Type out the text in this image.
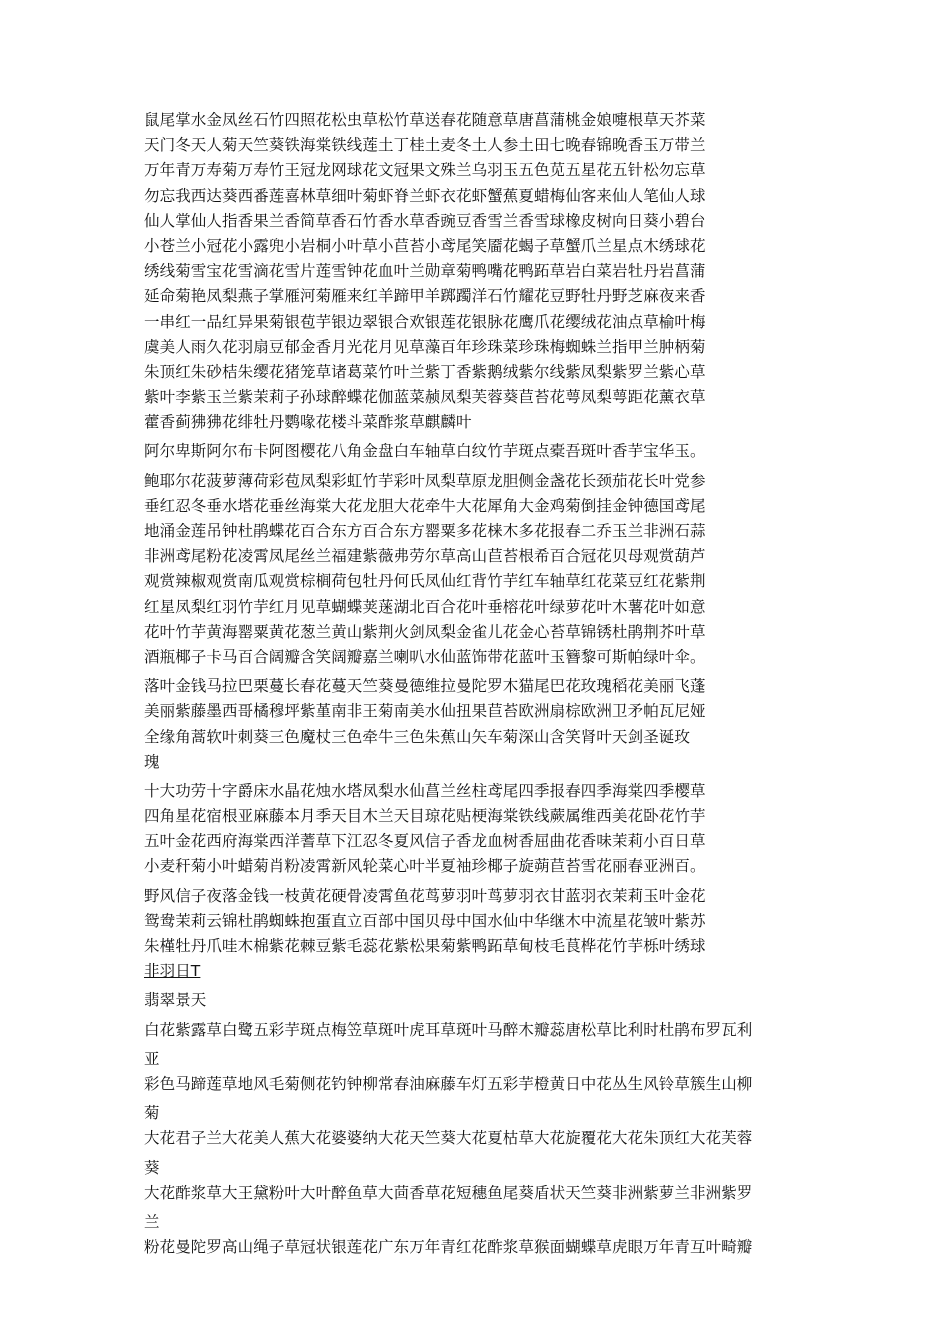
鼠尾掌水金凤丝石竹四照花松虫草松竹草送春花随意草唐菖蒲桃金娘嚏根草天芥菜
天门冬天人菊天竺葵铁海棠铁线莲土丁桂土麦冬土人参土田七晚春锦晚香玉万带兰
万年青万寿菊万寿竹王冠龙网球花文冠果文殊兰乌羽玉五色苋五星花五针松勿忘草
勿忘我西达葵西番莲喜林草细叶菊虾脊兰虾衣花虾蟹蕉夏蜡梅仙客来仙人笔仙人球
仙人掌仙人指香果兰香简草香石竹香水草香豌豆香雪兰香雪球橡皮树向日葵小碧台
小苍兰小冠花小露兜小岩桐小叶草小苣苔小鸢尾笑靥花蝎子草蟹爪兰星点木绣球花
绣线菊雪宝花雪滴花雪片莲雪钟花血叶兰勋章菊鸭嘴花鸭跖草岩白菜岩牡丹岩菖蒲
延命菊艳凤梨燕子掌雁河菊雁来红羊蹄甲羊踯躅洋石竹耀花豆野牡丹野芝麻夜来香
一串红一品红异果菊银苞芋银边翠银合欢银莲花银脉花鹰爪花缨绒花油点草榆叶梅
虞美人雨久花羽扇豆郁金香月光花月见草藻百年珍珠菜珍珠梅蜘蛛兰指甲兰肿柄菊
朱顶红朱砂桔朱缨花猪笼草诸葛菜竹叶兰紫丁香紫鹅绒紫尔线紫凤梨紫罗兰紫心草
紫叶李紫玉兰紫茉莉子孙球醉蝶花伽蓝菜赪凤梨芙蓉葵苣苔花萼凤梨萼距花薰衣草
藿香蓟狒狒花绯牡丹鹦喙花楼斗菜酢浆草麒麟叶
阿尔卑斯阿尔布卡阿图樱花八角金盘白车轴草白纹竹芋斑点橐吾斑叶香芋宝华玉。
鲍耶尔花菠萝薄荷彩苞凤梨彩虹竹芋彩叶凤梨草原龙胆侧金盏花长颈茄花长叶党参
垂红忍冬垂水塔花垂丝海棠大花龙胆大花牵牛大花犀角大金鸡菊倒挂金钟德国鸢尾
地涌金莲吊钟杜鹃蝶花百合东方百合东方罂粟多花梾木多花报春二乔玉兰非洲石蒜
非洲鸢尾粉花凌霄凤尾丝兰福建紫薇弗劳尔草高山苣苔根希百合冠花贝母观赏葫芦
观赏辣椒观赏南瓜观赏棕榈荷包牡丹何氏凤仙红背竹芋红车轴草红花菜豆红花紫荆
红星凤梨红羽竹芋红月见草蝴蝶荚蒾湖北百合花叶垂榕花叶绿萝花叶木薯花叶如意
花叶竹芋黄海罂粟黄花葱兰黄山紫荆火剑凤梨金雀儿花金心苔草锦锈杜鹃荆芥叶草
酒瓶椰子卡马百合阔瓣含笑阔瓣嘉兰喇叭水仙蓝饰带花蓝叶玉簪黎可斯帕绿叶伞。
落叶金钱马拉巴栗蔓长春花蔓天竺葵曼德维拉曼陀罗木猫尾巴花玫瑰稻花美丽飞蓬
美丽紫藤墨西哥橘穆坪紫堇南非王菊南美水仙扭果苣苔欧洲扇棕欧洲卫矛帕瓦尼娅
全缘角蒿软叶刺葵三色魔杖三色牵牛三色朱蕉山矢车菊深山含笑肾叶天剑圣诞玫
瑰
十大功劳十字爵床水晶花烛水塔凤梨水仙菖兰丝柱鸢尾四季报春四季海棠四季樱草
四角星花宿根亚麻藤本月季天目木兰天目琼花贴梗海棠铁线蕨属维西美花卧花竹芋
五叶金花西府海棠西洋蓍草下江忍冬夏风信子香龙血树香屈曲花香味茉莉小百日草
小麦秆菊小叶蜡菊肖粉凌霄新风轮菜心叶半夏袖珍椰子旋蒴苣苔雪花丽春亚洲百。
野风信子夜落金钱一枝黄花硬骨凌霄鱼花茑萝羽叶茑萝羽衣甘蓝羽衣茉莉玉叶金花
鸳鸯茉莉云锦杜鹃蜘蛛抱蛋直立百部中国贝母中国水仙中华继木中流星花皱叶紫苏
朱槿牡丹爪哇木棉紫花棘豆紫毛蕊花紫松果菊紫鸭跖草甸枝毛茛桦花竹芋栎叶绣球
非羽日T
翡翠景天
白花紫露草白鹭五彩芋斑点梅笠草斑叶虎耳草斑叶马醉木瓣蕊唐松草比利时杜鹃布罗瓦利
亚
彩色马蹄莲草地风毛菊侧花钓钟柳常春油麻藤车灯五彩芋橙黄日中花丛生风铃草簇生山柳
菊
大花君子兰大花美人蕉大花婆婆纳大花天竺葵大花夏枯草大花旋覆花大花朱顶红大花芙蓉
葵
大花酢浆草大王黛粉叶大叶醉鱼草大茴香草花短穗鱼尾葵盾状天竺葵非洲紫萝兰非洲紫罗
兰
粉花曼陀罗高山绳子草冠状银莲花广东万年青红花酢浆草猴面蝴蝶草虎眼万年青互叶畸瓣
